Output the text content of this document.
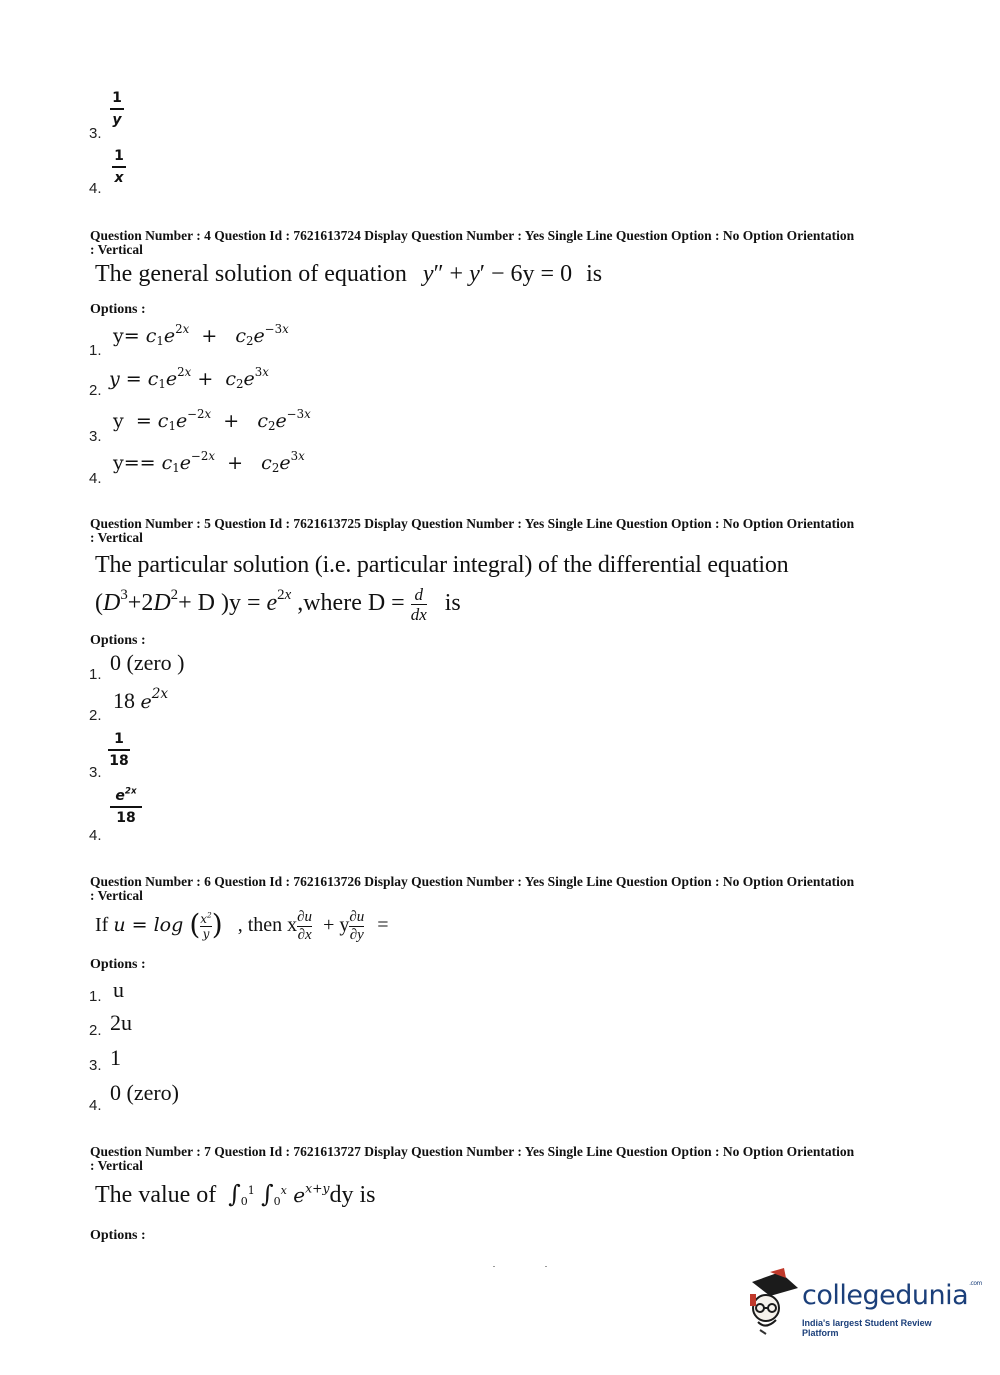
1
y
3.
1
x
4.
Question Number : 4 Question Id : 7621613724 Display Question Number : Yes Single Line Question Option : No Option Orientation : Vertical
The general solution of equation y″ + y′ − 6y = 0 is
Options :
1.
$y= c_1e^{2x} + c_2e^{-3x}$
2.
$y = c_1e^{2x} + c_2e^{3x}$
3.
$y = c_1e^{-2x} + c_2e^{-3x}$
4.
$y== c_1e^{-2x} + c_2e^{3x}$
Question Number : 5 Question Id : 7621613725 Display Question Number : Yes Single Line Question Option : No Option Orientation : Vertical
The particular solution (i.e. particular integral) of the differential equation
($D^3+2D^2+ D$ )$y = e^{2x}$ ,where $D = \frac{d}{dx}$ is
Options :
1. 0 (zero )
2.
18 $e^{2x}$
1
18
3.
$e^{2x}$
18
4.
Question Number : 6 Question Id : 7621613726 Display Question Number : Yes Single Line Question Option : No Option Orientation : Vertical
If u = log ( $\frac{x^2}{y}$ ) , then x $\frac{\partial u}{\partial x} + y \frac{\partial u}{\partial y}$ =
Options :
1. u
2. 2u
3. 1
4.
0 (zero)
Question Number : 7 Question Id : 7621613727 Display Question Number : Yes Single Line Question Option : No Option Orientation : Vertical
The value of $\int_0^1$ $\int_0^x$ $e^{x+y}dy$ is
Options :
collegedunia$^{.com}$
India's largest Student Review Platform
